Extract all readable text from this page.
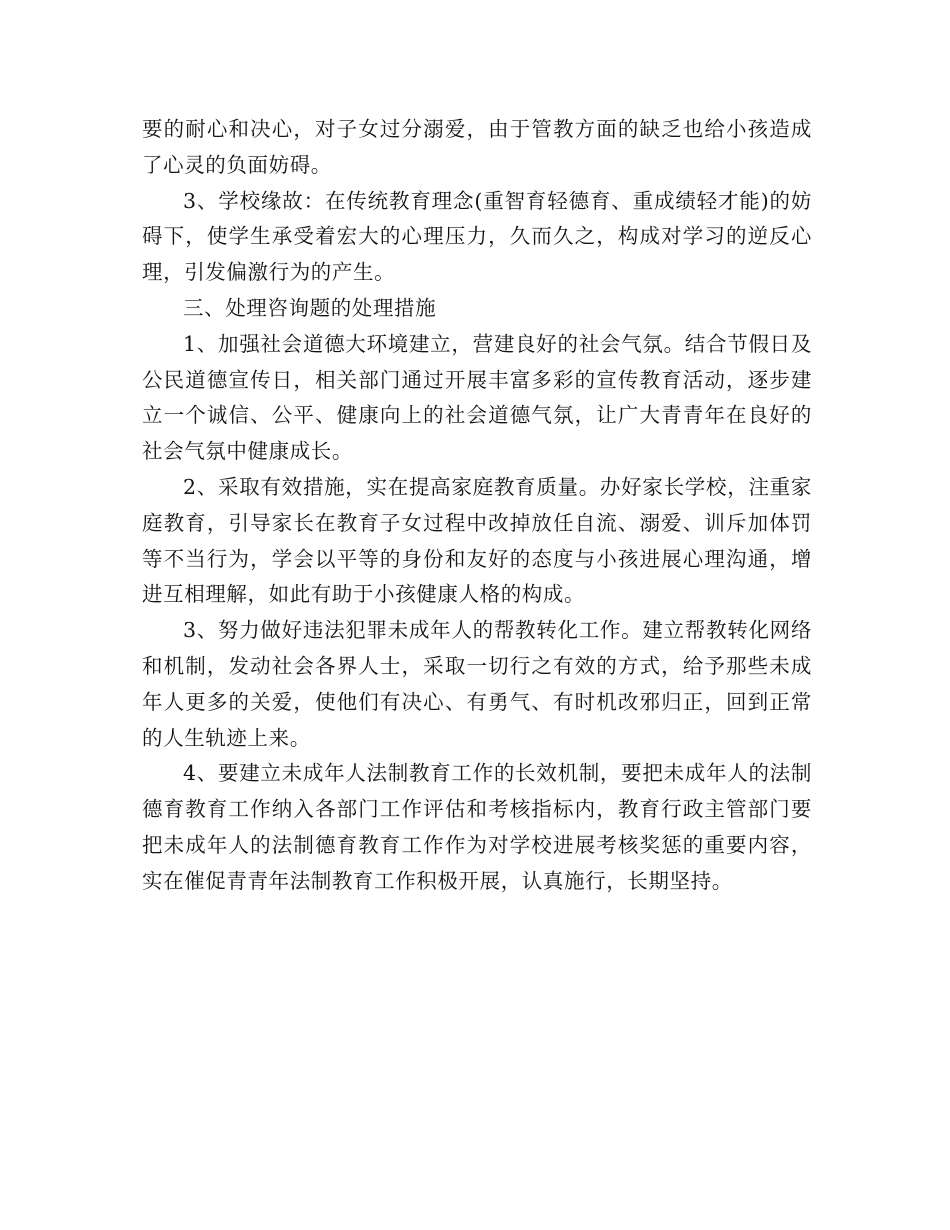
要的耐心和决心，对子女过分溺爱，由于管教方面的缺乏也给小孩造成了心灵的负面妨碍。

3、学校缘故：在传统教育理念(重智育轻德育、重成绩轻才能)的妨碍下，使学生承受着宏大的心理压力，久而久之，构成对学习的逆反心理，引发偏激行为的产生。

三、处理咨询题的处理措施

1、加强社会道德大环境建立，营建良好的社会气氛。结合节假日及公民道德宣传日，相关部门通过开展丰富多彩的宣传教育活动，逐步建立一个诚信、公平、健康向上的社会道德气氛，让广大青青年在良好的社会气氛中健康成长。

2、采取有效措施，实在提高家庭教育质量。办好家长学校，注重家庭教育，引导家长在教育子女过程中改掉放任自流、溺爱、训斥加体罚等不当行为，学会以平等的身份和友好的态度与小孩进展心理沟通，增进互相理解，如此有助于小孩健康人格的构成。

3、努力做好违法犯罪未成年人的帮教转化工作。建立帮教转化网络和机制，发动社会各界人士，采取一切行之有效的方式，给予那些未成年人更多的关爱，使他们有决心、有勇气、有时机改邪归正，回到正常的人生轨迹上来。

4、要建立未成年人法制教育工作的长效机制，要把未成年人的法制德育教育工作纳入各部门工作评估和考核指标内，教育行政主管部门要把未成年人的法制德育教育工作作为对学校进展考核奖惩的重要内容，实在催促青青年法制教育工作积极开展，认真施行，长期坚持。
